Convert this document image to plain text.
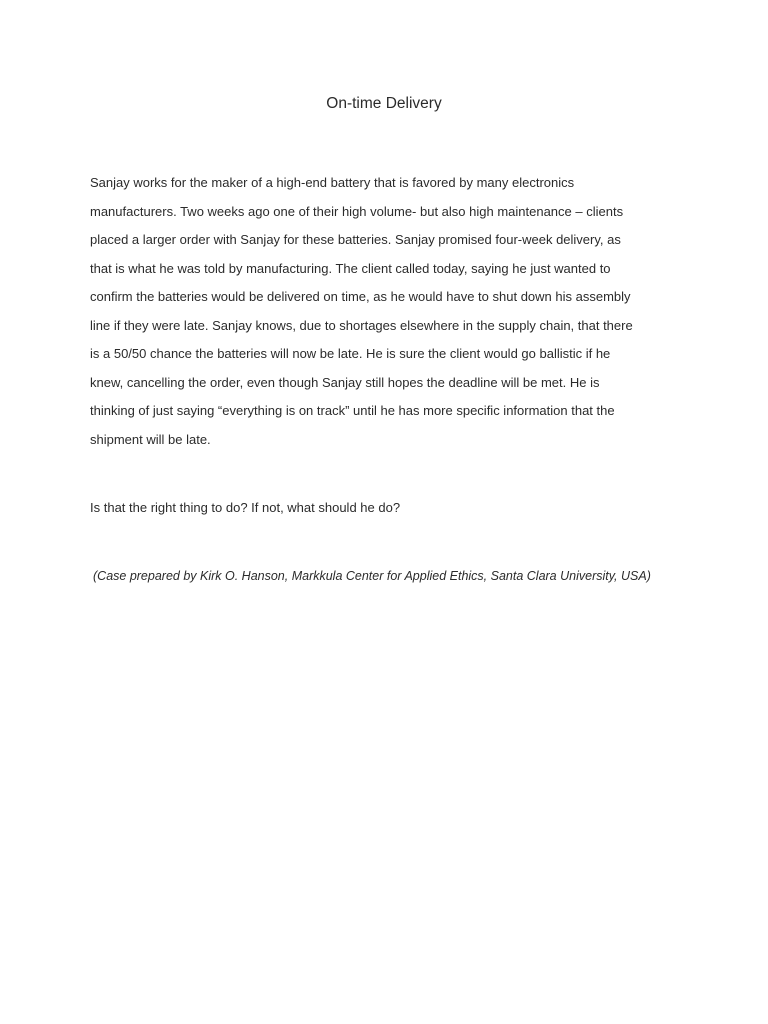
On-time Delivery
Sanjay works for the maker of a high-end battery that is favored by many electronics
manufacturers. Two weeks ago one of their high volume- but also high maintenance – clients
placed a larger order with Sanjay for these batteries. Sanjay promised four-week delivery, as
that is what he was told by manufacturing. The client called today, saying he just wanted to
confirm the batteries would be delivered on time, as he would have to shut down his assembly
line if they were late. Sanjay knows, due to shortages elsewhere in the supply chain, that there
is a 50/50 chance the batteries will now be late. He is sure the client would go ballistic if he
knew, cancelling the order, even though Sanjay still hopes the deadline will be met. He is
thinking of just saying “everything is on track” until he has more specific information that the
shipment will be late.
Is that the right thing to do? If not, what should he do?
(Case prepared by Kirk O. Hanson, Markkula Center for Applied Ethics, Santa Clara University, USA)
